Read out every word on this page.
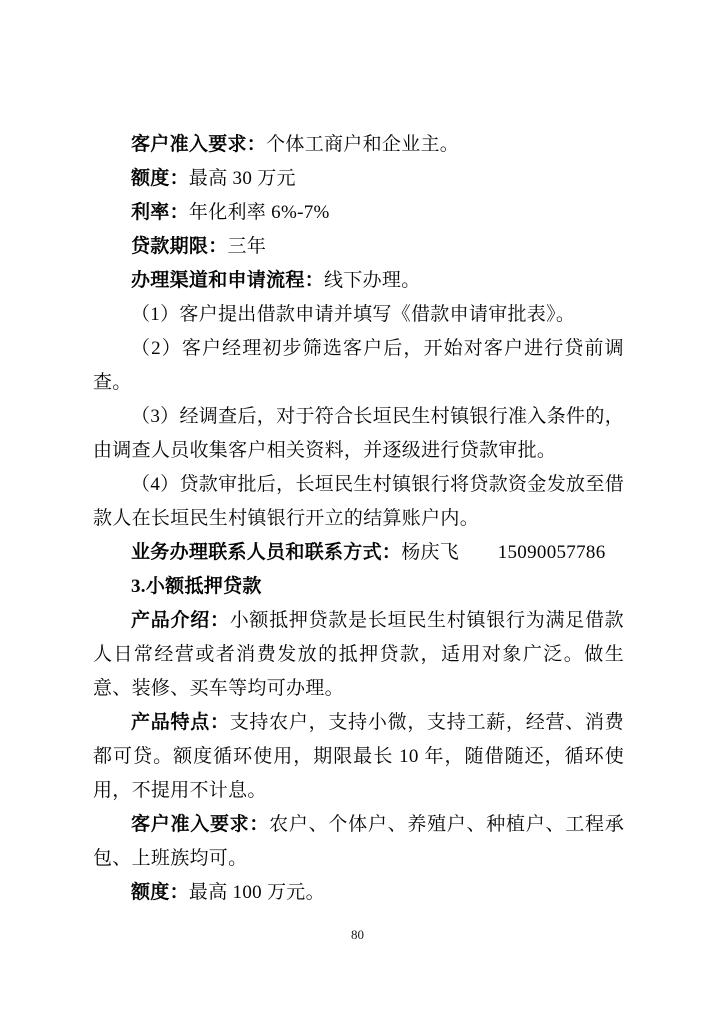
客户准入要求：个体工商户和企业主。

额度：最高 30 万元

利率：年化利率 6%-7%

贷款期限：三年

办理渠道和申请流程：线下办理。

（1）客户提出借款申请并填写《借款申请审批表》。

（2）客户经理初步筛选客户后，开始对客户进行贷前调查。

（3）经调查后，对于符合长垣民生村镇银行准入条件的，由调查人员收集客户相关资料，并逐级进行贷款审批。

（4）贷款审批后，长垣民生村镇银行将贷款资金发放至借款人在长垣民生村镇银行开立的结算账户内。

业务办理联系人员和联系方式：杨庆飞　　15090057786

3.小额抵押贷款

产品介绍：小额抵押贷款是长垣民生村镇银行为满足借款人日常经营或者消费发放的抵押贷款，适用对象广泛。做生意、装修、买车等均可办理。

产品特点：支持农户，支持小微，支持工薪，经营、消费都可贷。额度循环使用，期限最长 10 年，随借随还，循环使用，不提用不计息。

客户准入要求：农户、个体户、养殖户、种植户、工程承包、上班族均可。

额度：最高 100 万元。

80
